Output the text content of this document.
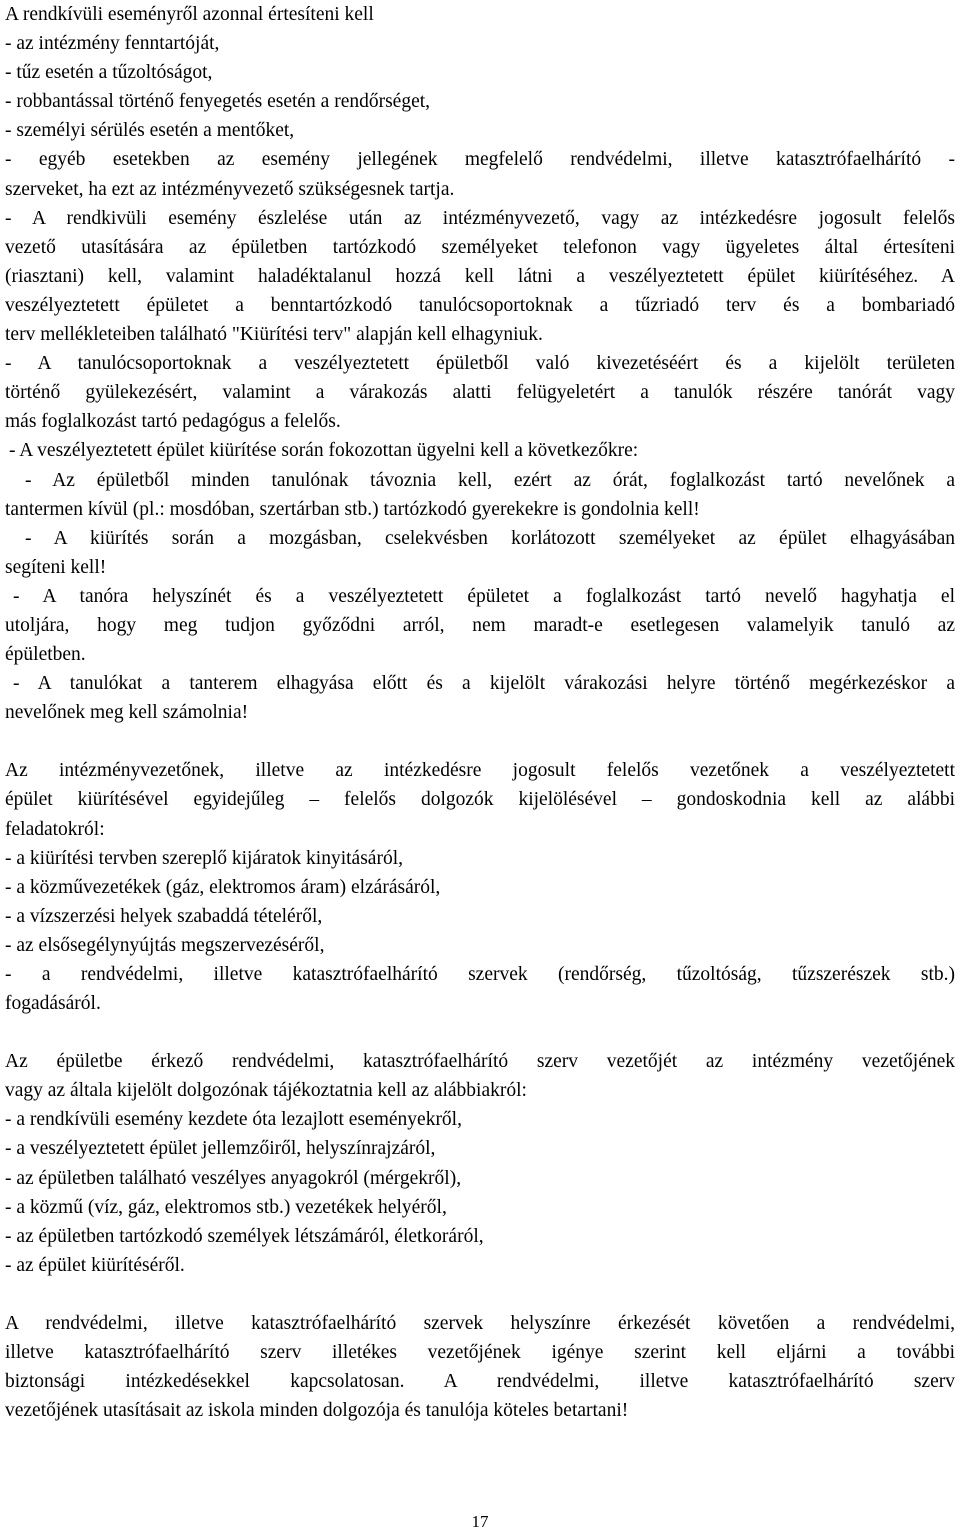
A rendkívüli eseményről azonnal értesíteni kell
- az intézmény fenntartóját,
- tűz esetén a tűzoltóságot,
- robbantással történő fenyegetés esetén a rendőrséget,
- személyi sérülés esetén a mentőket,
- egyéb esetekben az esemény jellegének megfelelő rendvédelmi, illetve katasztrófaelhárító -
szerveket, ha ezt az intézményvezető szükségesnek tartja.
- A rendkivüli esemény észlelése után az intézményvezető, vagy az intézkedésre jogosult felelős
vezető utasítására az épületben tartózkodó személyeket telefonon vagy ügyeletes által értesíteni
(riasztani) kell, valamint haladéktalanul hozzá kell látni a veszélyeztetett épület kiürítéséhez. A
veszélyeztetett épületet a benntartózkodó tanulócsoportoknak a tűzriadó terv és a bombariadó
terv mellékleteiben található "Kiürítési terv" alapján kell elhagyniuk.
- A tanulócsoportoknak a veszélyeztetett épületből való kivezetéséért és a kijelölt területen
történő gyülekezésért, valamint a várakozás alatti felügyeletért a tanulók részére tanórát vagy
más foglalkozást tartó pedagógus a felelős.
- A veszélyeztetett épület kiürítése során fokozottan ügyelni kell a következőkre:
- Az épületből minden tanulónak távoznia kell, ezért az órát, foglalkozást tartó nevelőnek a
tantermen kívül (pl.: mosdóban, szertárban stb.) tartózkodó gyerekekre is gondolnia kell!
- A kiürítés során a mozgásban, cselekvésben korlátozott személyeket az épület elhagyásában
segíteni kell!
- A tanóra helyszínét és a veszélyeztetett épületet a foglalkozást tartó nevelő hagyhatja el
utoljára, hogy meg tudjon győződni arról, nem maradt-e esetlegesen valamelyik tanuló az
épületben.
- A tanulókat a tanterem elhagyása előtt és a kijelölt várakozási helyre történő megérkezéskor a
nevelőnek meg kell számolnia!
Az intézményvezetőnek, illetve az intézkedésre jogosult felelős vezetőnek a veszélyeztetett
épület kiürítésével egyidejűleg – felelős dolgozók kijelölésével – gondoskodnia kell az alábbi
feladatokról:
- a kiürítési tervben szereplő kijáratok kinyitásáról,
- a közművezetékek (gáz, elektromos áram) elzárásáról,
- a vízszerzési helyek szabaddá tételéről,
- az elsősegélynyújtás megszervezéséről,
- a rendvédelmi, illetve katasztrófaelhárító szervek (rendőrség, tűzoltóság, tűzszerészek stb.)
fogadásáról.
Az épületbe érkező rendvédelmi, katasztrófaelhárító szerv vezetőjét az intézmény vezetőjének
vagy az általa kijelölt dolgozónak tájékoztatnia kell az alábbiakról:
- a rendkívüli esemény kezdete óta lezajlott eseményekről,
- a veszélyeztetett épület jellemzőiről, helyszínrajzáról,
- az épületben található veszélyes anyagokról (mérgekről),
- a közmű (víz, gáz, elektromos stb.) vezetékek helyéről,
- az épületben tartózkodó személyek létszámáról, életkoráról,
- az épület kiürítéséről.
A rendvédelmi, illetve katasztrófaelhárító szervek helyszínre érkezését követően a rendvédelmi,
illetve katasztrófaelhárító szerv illetékes vezetőjének igénye szerint kell eljárni a további
biztonsági intézkedésekkel kapcsolatosan. A rendvédelmi, illetve katasztrófaelhárító szerv
vezetőjének utasításait az iskola minden dolgozója és tanulója köteles betartani!
17
